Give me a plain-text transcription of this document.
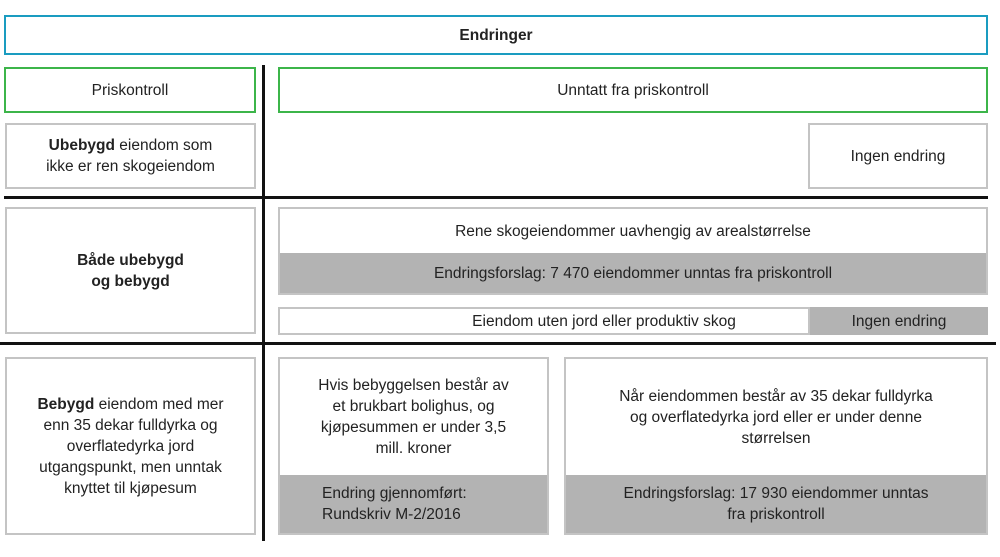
Endringer
Priskontroll	Unntatt fra priskontroll
Ubebygd eiendom som
ikke er ren skogeiendom
Ingen endring
Både ubebygd
og bebygd
Rene skogeiendommer uavhengig av arealstørrelse
Endringsforslag: 7 470 eiendommer unntas fra priskontroll
Eiendom uten jord eller produktiv skog	Ingen endring
Bebygd eiendom med mer
enn 35 dekar fulldyrka og
overflatedyrka jord
utgangspunkt, men unntak
knyttet til kjøpesum
Hvis bebyggelsen består av
et brukbart bolighus, og
kjøpesummen er under 3,5
mill. kroner
Endring gjennomført:
Rundskriv M-2/2016
Når eiendommen består av 35 dekar fulldyrka
og overflatedyrka jord eller er under denne
størrelsen
Endringsforslag: 17 930 eiendommer unntas
fra priskontroll
